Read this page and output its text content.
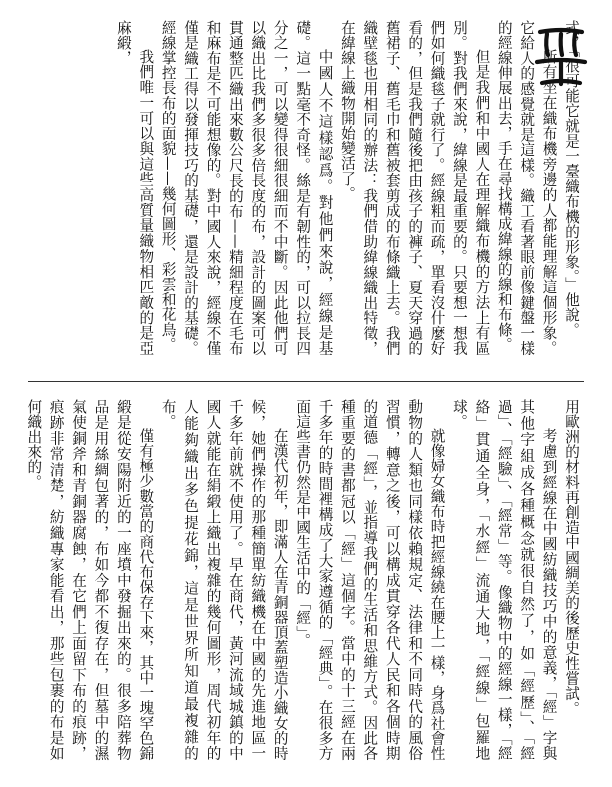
式，「很可能它就是一臺織布機的形象。」他說。

所有坐在織布機旁邊的人都能理解這個形象。它給人的感覺就是這樣。織工看著眼前像鍵盤一樣的經線伸展出去，手在尋找構成緯線的線和布條。

但是我們和中國人在理解織布機的方法上有區別。對我們來說，緯線是最重要的。只要想一想我們如何織毯子就行了。經線粗而疏，單看沒什麼好看的，但是我們隨後把由孩子的褲子、夏天穿過的舊裙子、舊毛巾和舊被套剪成的布條織上去。我們織壁毯也用相同的辦法：我們借助緯線織出特徵，在緯線上織物開始變活了。

中國人不這樣認爲。對他們來說，經線是基礎。這一點毫不奇怪。絲是有韌性的，可以拉長四分之一，可以變得很細很細而不中斷。因此他們可以織出比我們多很多倍長度的布，設計的圖案可以貫通整匹織出來數公尺長的布——精細程度在毛布和麻布是不可能想像的。對中國人來說，經線不僅僅是織工得以發揮技巧的基礎，還是設計的基礎。經線掌控長布的面貌——幾何圖形、彩雲和花鳥。

我們唯一可以與這些高質量織物相匹敵的是亞麻緞，

用歐洲的材料再創造中國綢美的後歷史性嘗試。

考慮到經線在中國紡織技巧中的意義，「經」字與其他字組成各種概念就很自然了，如「經歷」、「經過」、「經驗」、「經常」等。像織物中的經線一樣，「經絡」貫通全身，「水經」流通大地，「經線」包羅地球。

就像婦女織布時把經線繞在腰上一樣，身爲社會性動物的人類也同樣依賴規定、法律和不同時代的風俗習慣，轉意之後，可以構成貫穿各代人民和各個時期的道德「經」，並指導我們的生活和思維方式。因此各種重要的書都冠以「經」這個字。當中的十三經在兩千多年的時間裡構成了大家遵循的「經典」。在很多方面這些書仍然是中國生活中的「經」。

在漢代初年，即滿人在青銅器頂蓋塑造小織女的時候，她們操作的那種簡單紡織機在中國的先進地區一千多年前就不使用了。早在商代，黃河流域城鎮的中國人就能在絹緞上織出複雜的幾何圖形，周代初年的人能夠織出多色提花錦，這是世界所知道最複雜的布。

僅有極少數當的商代布保存下來，其中一塊罕色錦緞是從安陽附近的一座墳中發掘出來的。很多陪葬物品是用絲綢包著的，布如今都不復存在，但墓中的濕氣使銅斧和青銅器腐蝕，在它們上面留下布的痕跡，痕跡非常清楚，紡織專家能看出，那些包裹的布是如何織出來的。
